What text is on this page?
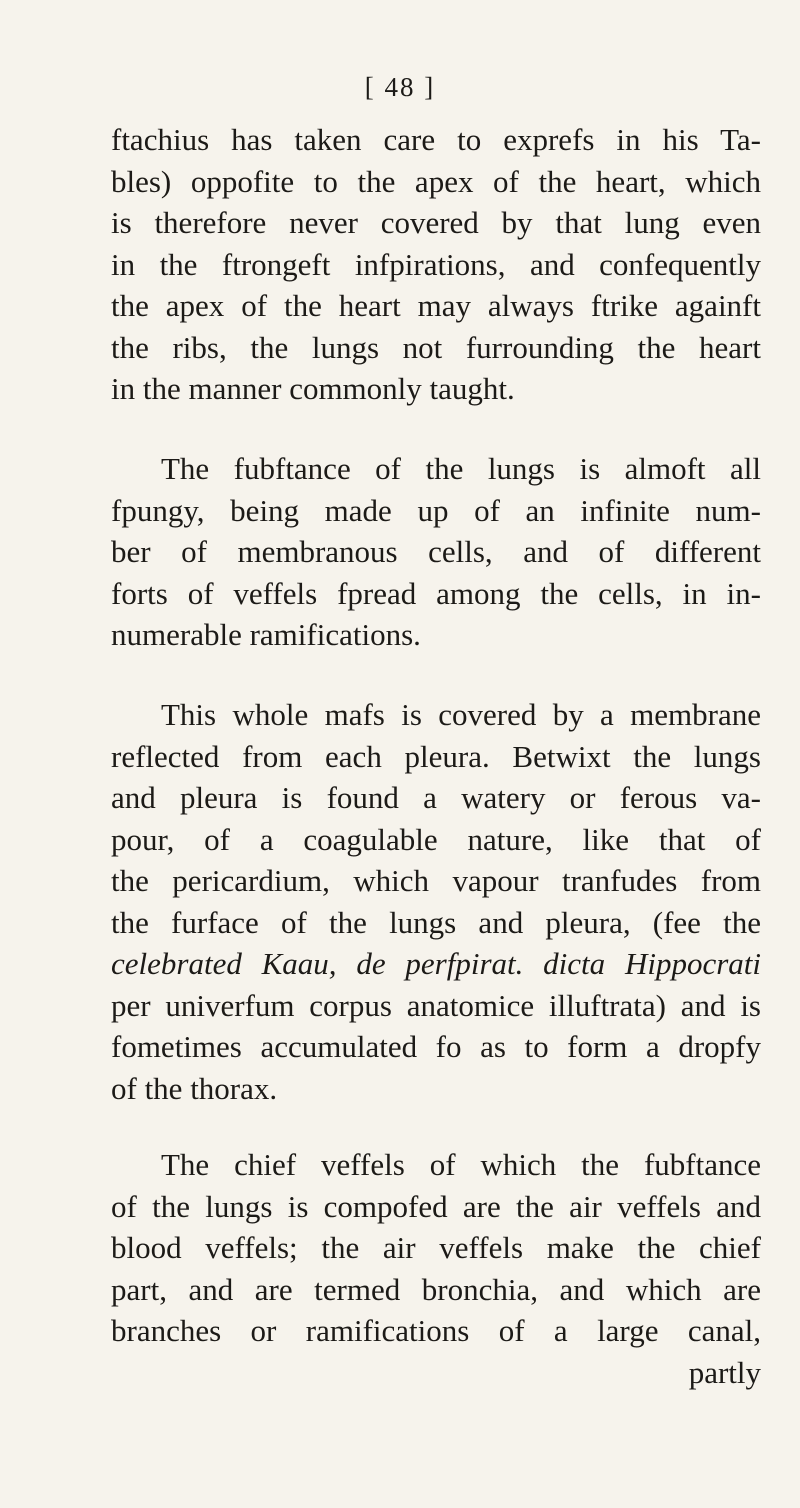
[ 48 ]
ftachius has taken care to exprefs in his Ta-
bles) oppofite to the apex of the heart, which
is therefore never covered by that lung even
in the ftrongeft infpirations, and confequently
the apex of the heart may always ftrike againft
the ribs, the lungs not furrounding the heart
in the manner commonly taught.
The fubftance of the lungs is almoft all
fpungy, being made up of an infinite num-
ber of membranous cells, and of different
forts of veffels fpread among the cells, in in-
numerable ramifications.
This whole mafs is covered by a membrane
reflected from each pleura. Betwixt the lungs
and pleura is found a watery or ferous va-
pour, of a coagulable nature, like that of
the pericardium, which vapour tranfudes from
the furface of the lungs and pleura, (fee the
celebrated Kaau, de perfpirat. dicta Hippocrati
per univerfum corpus anatomice illuftrata) and is
fometimes accumulated fo as to form a dropfy
of the thorax.
The chief veffels of which the fubftance
of the lungs is compofed are the air veffels and
blood veffels; the air veffels make the chief
part, and are termed bronchia, and which are
branches or ramifications of a large canal,
partly
